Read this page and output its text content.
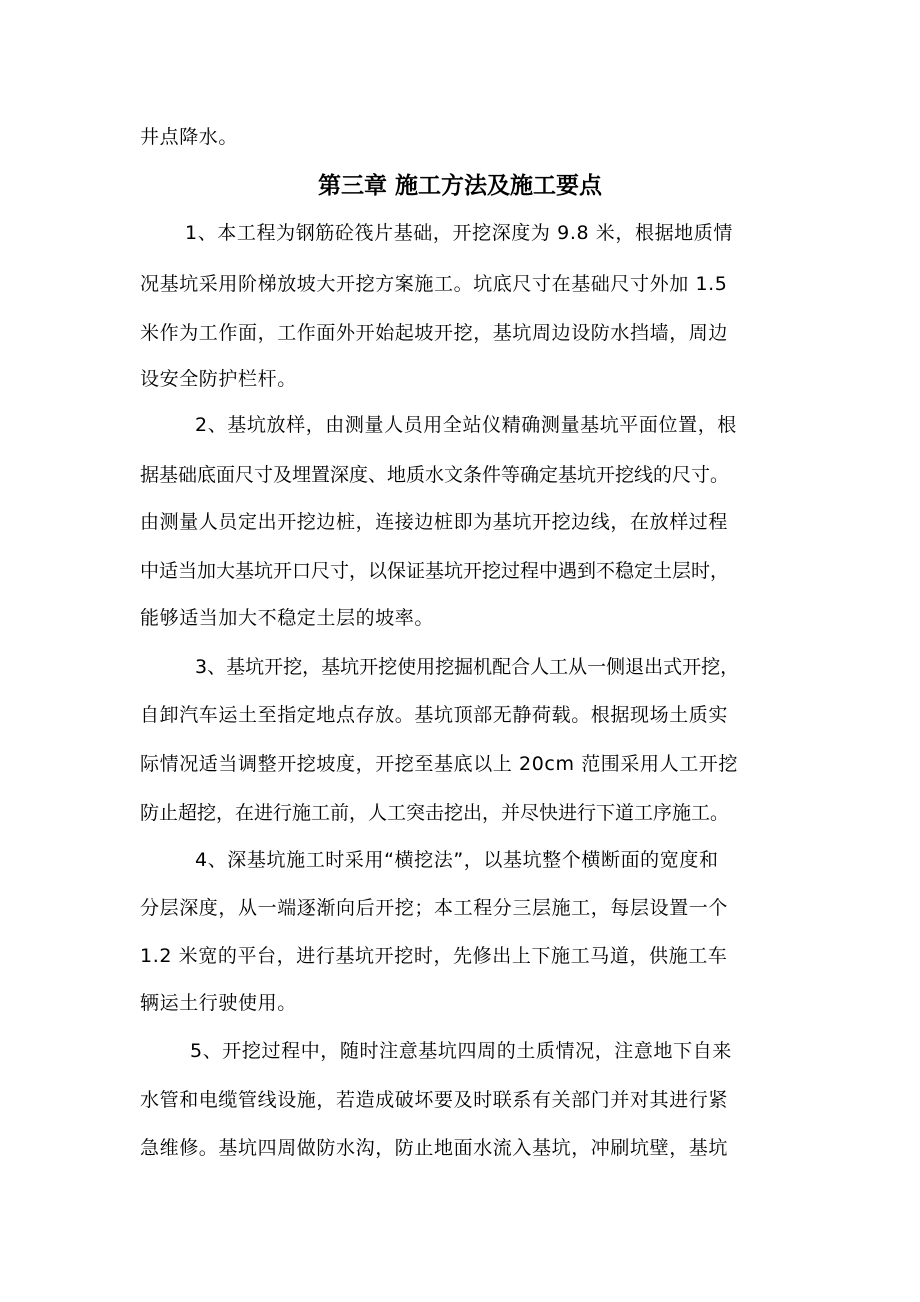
井点降水。
第三章 施工方法及施工要点
1、本工程为钢筋砼筏片基础，开挖深度为 9.8 米，根据地质情
况基坑采用阶梯放坡大开挖方案施工。坑底尺寸在基础尺寸外加 1.5
米作为工作面，工作面外开始起坡开挖，基坑周边设防水挡墙，周边
设安全防护栏杆。
2、基坑放样，由测量人员用全站仪精确测量基坑平面位置，根
据基础底面尺寸及埋置深度、地质水文条件等确定基坑开挖线的尺寸。
由测量人员定出开挖边桩，连接边桩即为基坑开挖边线，在放样过程
中适当加大基坑开口尺寸，以保证基坑开挖过程中遇到不稳定土层时，
能够适当加大不稳定土层的坡率。
3、基坑开挖，基坑开挖使用挖掘机配合人工从一侧退出式开挖，
自卸汽车运土至指定地点存放。基坑顶部无静荷载。根据现场土质实
际情况适当调整开挖坡度，开挖至基底以上 20cm 范围采用人工开挖
防止超挖，在进行施工前，人工突击挖出，并尽快进行下道工序施工。
4、深基坑施工时采用“横挖法”，以基坑整个横断面的宽度和
分层深度，从一端逐渐向后开挖；本工程分三层施工，每层设置一个
1.2 米宽的平台，进行基坑开挖时，先修出上下施工马道，供施工车
辆运土行驶使用。
5、开挖过程中，随时注意基坑四周的土质情况，注意地下自来
水管和电缆管线设施，若造成破坏要及时联系有关部门并对其进行紧
急维修。基坑四周做防水沟，防止地面水流入基坑，冲刷坑壁，基坑
